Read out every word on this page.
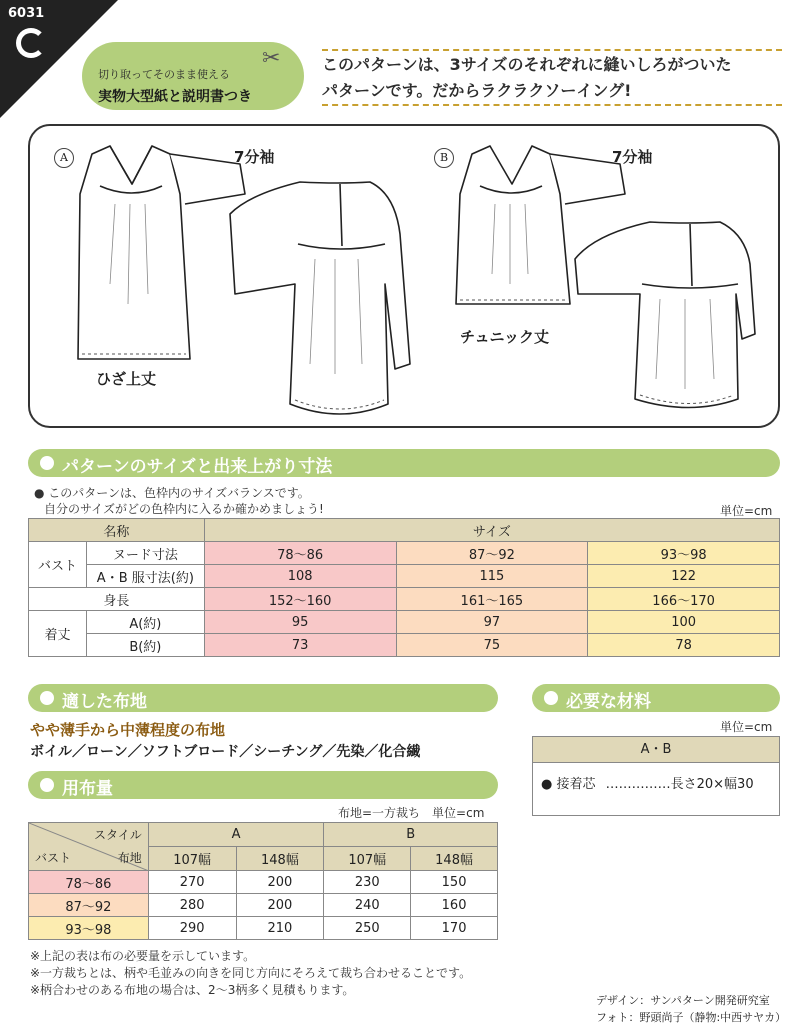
6031
切り取ってそのまま使える
実物大型紙と説明書つき
✂	このパターンは、3サイズのそれぞれに縫いしろがついた
パターンです。だからラクラクソーイング!
A	7分袖
ひざ上丈
B	7分袖
チュニック丈
パターンのサイズと出来上がり寸法
● このパターンは、色枠内のサイズバランスです。
自分のサイズがどの色枠内に入るか確かめましょう!	単位=cm
名称		サイズ		
バスト	ヌード寸法	78〜86	87〜92	93〜98
	A・B 服寸法(約)	108	115	122
身長		152〜160	161〜165	166〜170
着丈	A(約)	95	97	100
	B(約)	73	75	78
適した布地
やや薄手から中薄程度の布地
ボイル／ローン／ソフトブロード／シーチング／先染／化合繊
必要な材料
単位=cm
A・B
● 接着芯 ……………長さ20×幅30
用布量
布地=一方裁ち　単位=cm
スタイル
布地
バスト	A		B	
	107幅	148幅	107幅	148幅
78〜86	270	200	230	150
87〜92	280	200	240	160
93〜98	290	210	250	170
※上記の表は布の必要量を示しています。
※一方裁ちとは、柄や毛並みの向きを同じ方向にそろえて裁ち合わせることです。
※柄合わせのある布地の場合は、2〜3柄多く見積もります。
デザイン：サンパターン開発研究室
フォト：野頭尚子（静物:中西サヤカ）
